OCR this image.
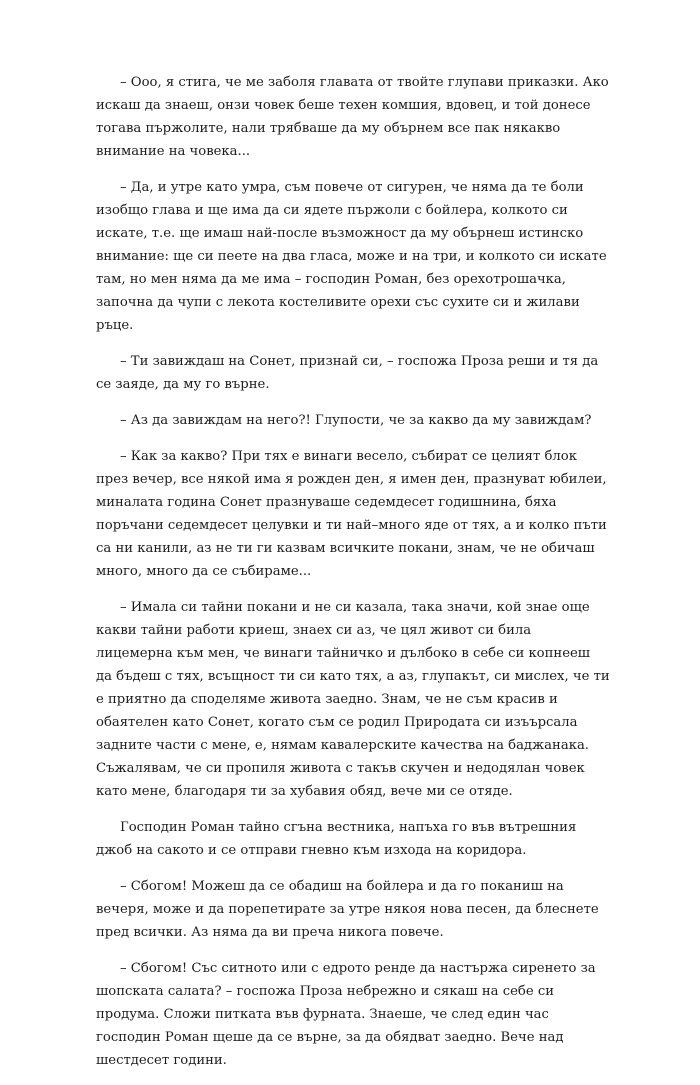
– Ооо, я стига, че ме заболя главата от твойте глупави приказки. Ако искаш да знаеш, онзи човек беше техен комшия, вдовец, и той донесе тогава пържолите, нали трябваше да му обърнем все пак някакво внимание на човека...

– Да, и утре като умра, съм повече от сигурен, че няма да те боли изобщо глава и ще има да си ядете пържоли с бойлера, колкото си искате, т.е. ще имаш най-после възможност да му обърнеш истинско внимание: ще си пеете на два гласа, може и на три, и колкото си искате там, но мен няма да ме има – господин Роман, без орехотрошачка, започна да чупи с лекота костеливите орехи със сухите си и жилави ръце.

– Ти завиждаш на Сонет, признай си, – госпожа Проза реши и тя да се заяде, да му го върне.

– Аз да завиждам на него?! Глупости, че за какво да му завиждам?

– Как за какво? При тях е винаги весело, събират се целият блок през вечер, все някой има я рожден ден, я имен ден, празнуват юбилеи, миналата година Сонет празнуваше седемдесет годишнина, бяха поръчани седемдесет целувки и ти най–много яде от тях, а и колко пъти са ни канили, аз не ти ги казвам всичките покани, знам, че не обичаш много, много да се събираме...

– Имала си тайни покани и не си казала, така значи, кой знае още какви тайни работи криеш, знаех си аз, че цял живот си била лицемерна към мен, че винаги тайничко и дълбоко в себе си копнееш да бъдеш с тях, всъщност ти си като тях, а аз, глупакът, си мислех, че ти е приятно да споделяме живота заедно. Знам, че не съм красив и обаятелен като Сонет, когато съм се родил Природата си изъърсала задните части с мене, е, нямам кавалерските качества на баджанака. Съжалявам, че си пропиля живота с такъв скучен и недодялан човек като мене, благодаря ти за хубавия обяд, вече ми се отяде.

Господин Роман тайно сгъна вестника, напъха го във вътрешния джоб на сакото и се отправи гневно към изхода на коридора.

– Сбогом! Можеш да се обадиш на бойлера и да го поканиш на вечеря, може и да порепетирате за утре някоя нова песен, да блеснете пред всички. Аз няма да ви преча никога повече.

– Сбогом! Със ситното или с едрото ренде да настържа сиренето за шопската салата? – госпожа Проза небрежно и сякаш на себе си продума. Сложи питката във фурната. Знаеше, че след един час господин Роман щеше да се върне, за да обядват заедно. Вече над шестдесет години.
